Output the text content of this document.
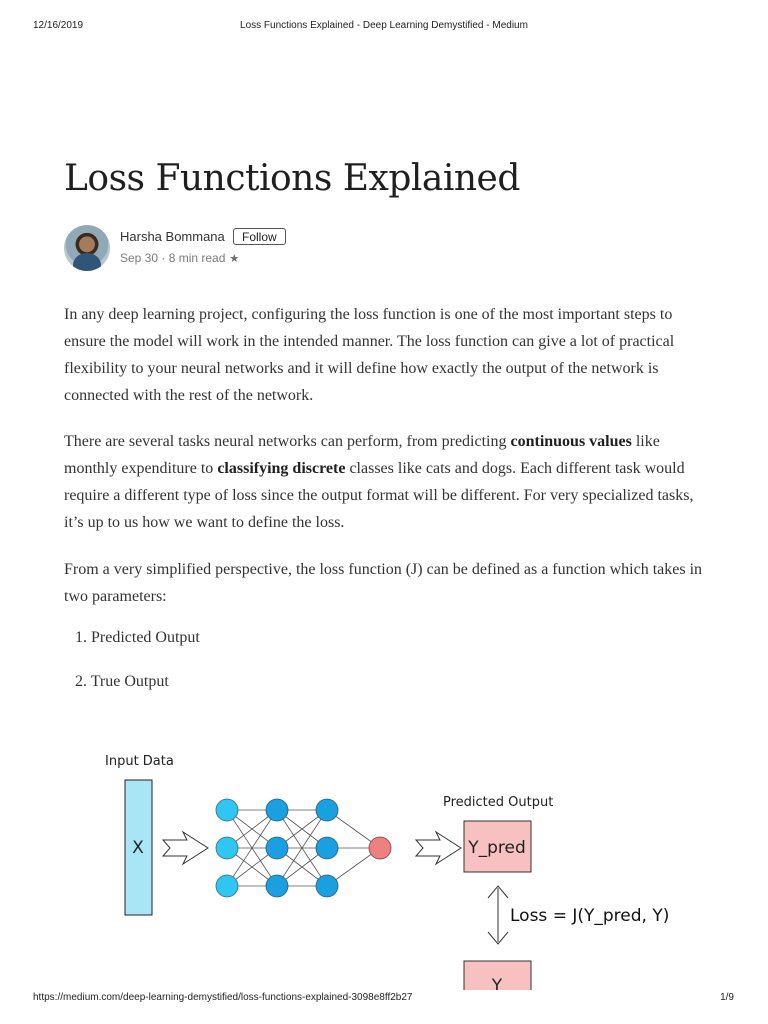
12/16/2019	Loss Functions Explained - Deep Learning Demystified - Medium
Loss Functions Explained
Harsha Bommana	Follow
Sep 30 · 8 min read ★

In any deep learning project, configuring the loss function is one of the most important steps to ensure the model will work in the intended manner. The loss function can give a lot of practical flexibility to your neural networks and it will define how exactly the output of the network is connected with the rest of the network.

There are several tasks neural networks can perform, from predicting continuous values like monthly expenditure to classifying discrete classes like cats and dogs. Each different task would require a different type of loss since the output format will be different. For very specialized tasks, it’s up to us how we want to define the loss.

From a very simplified perspective, the loss function (J) can be defined as a function which takes in two parameters:

1. Predicted Output
2. True Output
Input Data
X
Predicted Output
Y_pred
Loss = J(Y_pred, Y)
Y
https://medium.com/deep-learning-demystified/loss-functions-explained-3098e8ff2b27	1/9
